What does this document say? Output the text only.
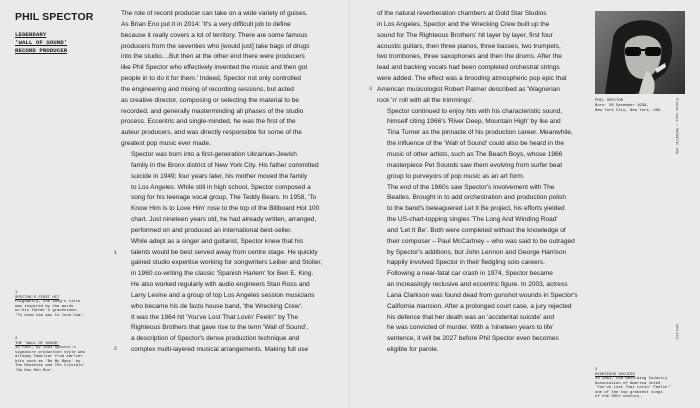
PHIL SPECTOR
LEGENDARY
'WALL OF SOUND'
RECORD PRODUCER
1
SPECTOR'S FIRST HIT
Poignantly, the song's title
was inspired by the words
on his father's gravestone:
'To know him was to love him'.
2
THE 'WALL OF SOUND'
In fact, by 1964 Spector's
signature production style was
already familiar from earlier
hits such as 'Be My Baby' by
The Ronettes and The Crystals'
'Da Doo Ron Ron'.	3
RIGHTEOUS SUCCESS
In 2001, the Recording Industry
Association of America voted
'You've Lost That Lovin' Feelin''
one of the top greatest songs
of the 20th century.
1
2
3

The role of record producer can take on a wide variety of guises.
As Brian Eno put it in 2014: 'It's a very difficult job to define
because it really covers a lot of territory. There are some famous
producers from the seventies who [would just] take bags of drugs
into the studio....But then at the other end there were producers
like Phil Spector who effectively invented the music and then got
people in to do it for them.' Indeed, Spector not only controlled
the engineering and mixing of recording sessions, but acted
as creative director, composing or selecting the material to be
recorded, and generally masterminding all phases of the studio
process. Eccentric and single-minded, he was the first of the
auteur producers, and was directly responsible for some of the
greatest pop music ever made.

Spector was born into a first-generation Ukrainian-Jewish
family in the Bronx district of New York City. His father committed
suicide in 1949; four years later, his mother moved the family
to Los Angeles. While still in high school, Spector composed a
song for his teenage vocal group, The Teddy Bears. In 1958, 'To
Know Him is to Love Him' rose to the top of the Billboard Hot 100
chart. Just nineteen years old, he had already written, arranged,
performed on and produced an international best-seller.

While adept as a singer and guitarist, Spector knew that his
talents would be best served away from centre stage. He quickly
gained studio expertise working for songwriters Leiber and Stoller,
in 1960 co-writing the classic 'Spanish Harlem' for Ben E. King.
He also worked regularly with audio engineers Stan Ross and
Larry Levine and a group of top Los Angeles session musicians
who became his de facto house band, 'the Wrecking Crew'.

It was the 1964 hit 'You've Lost That Lovin' Feelin'' by The
Righteous Brothers that gave rise to the term 'Wall of Sound',
a description of Spector's dense production technique and
complex multi-layered musical arrangements. Making full use

of the natural reverberation chambers at Gold Star Studios
in Los Angeles, Spector and the Wrecking Crew built up the
sound for The Righteous Brothers' hit layer by layer, first four
acoustic guitars, then three pianos, three basses, two trumpets,
two trombones, three saxophones and then the drums. After the
lead and backing vocals had been completed orchestral strings
were added. The effect was a brooding atmospheric pop epic that
American musicologist Robert Palmer described as 'Wagnerian
rock 'n' roll with all the trimmings'.

Spector continued to enjoy hits with his characteristic sound,
himself citing 1966's 'River Deep, Mountain High' by Ike and
Tina Turner as the pinnacle of his production career. Meanwhile,
the influence of the 'Wall of Sound' could also be heard in the
music of other artists, such as The Beach Boys, whose 1966
masterpiece Pet Sounds saw them evolving from surfer beat
group to purveyors of pop music as an art form.

The end of the 1960s saw Spector's involvement with The
Beatles. Brought in to add orchestration and production polish
to the band's beleaguered Let It Be project, his efforts yielded
the US-chart-topping singles 'The Long And Winding Road'
and 'Let It Be'. Both were completed without the knowledge of
their composer – Paul McCartney – who was said to be outraged
by Spector's additions, but John Lennon and George Harrison
happily involved Spector in their fledgling solo careers.

Following a near-fatal car crash in 1974, Spector became
an increasingly reclusive and eccentric figure. In 2003, actress
Lana Clarkson was found dead from gunshot wounds in Spector's
California mansion. After a prolonged court case, a jury rejected
his defence that her death was an 'accidental suicide' and
he was convicted of murder. With a 'nineteen years to life'
sentence, it will be 2027 before Phil Spector even becomes
eligible for parole.

PHIL SPECTOR
Born: 26 December 1939,
New York City, New York, USA	Oldies aspx • MAGNETIC USA
150–151
